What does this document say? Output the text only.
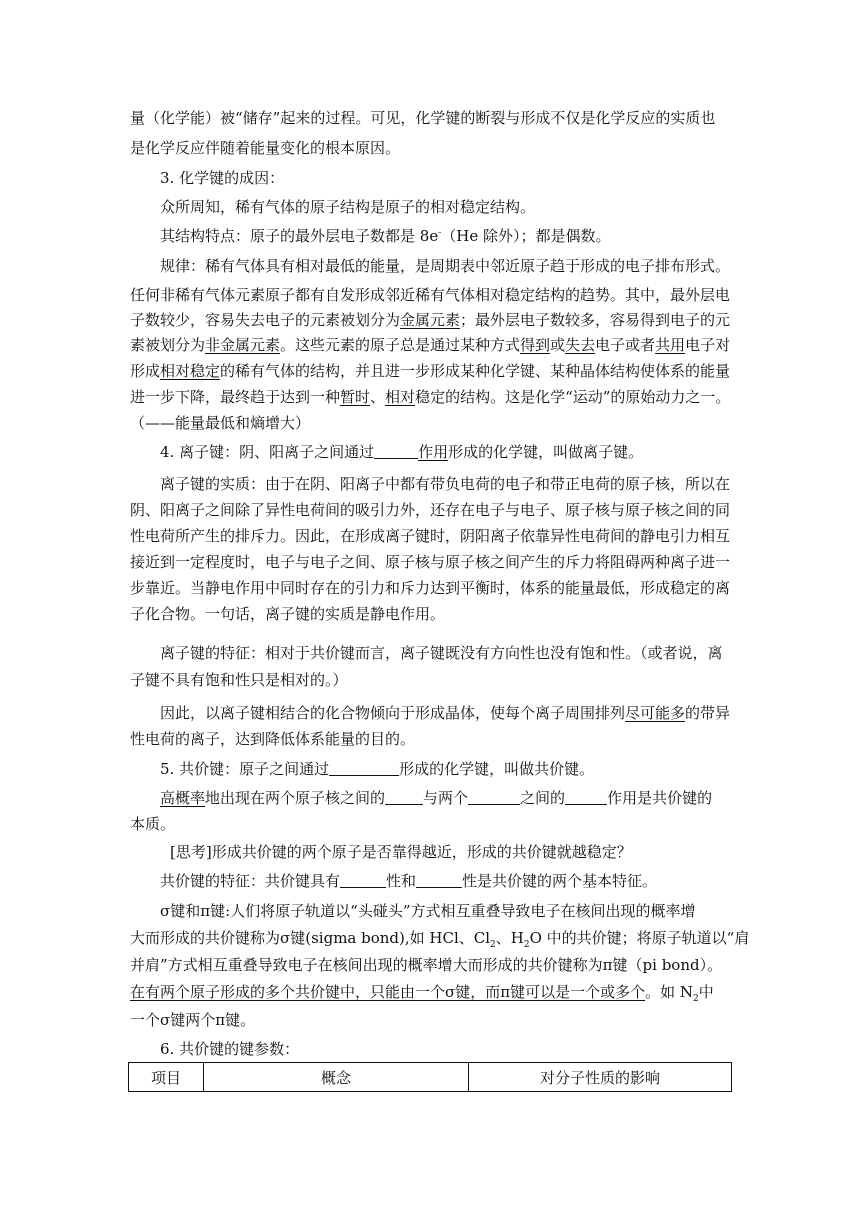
量（化学能）被“储存”起来的过程。可见，化学键的断裂与形成不仅是化学反应的实质也
是化学反应伴随着能量变化的根本原因。
3. 化学键的成因：
众所周知，稀有气体的原子结构是原子的相对稳定结构。
其结构特点：原子的最外层电子数都是 8e-（He 除外）；都是偶数。
规律：稀有气体具有相对最低的能量，是周期表中邻近原子趋于形成的电子排布形式。
任何非稀有气体元素原子都有自发形成邻近稀有气体相对稳定结构的趋势。其中，最外层电
子数较少，容易失去电子的元素被划分为金属元素；最外层电子数较多，容易得到电子的元
素被划分为非金属元素。这些元素的原子总是通过某种方式得到或失去电子或者共用电子对
形成相对稳定的稀有气体的结构，并且进一步形成某种化学键、某种晶体结构使体系的能量
进一步下降，最终趋于达到一种暂时、相对稳定的结构。这是化学“运动”的原始动力之一。
（——能量最低和熵增大）
4. 离子键：阴、阳离子之间通过	作用形成的化学键，叫做离子键。
离子键的实质：由于在阴、阳离子中都有带负电荷的电子和带正电荷的原子核，所以在
阴、阳离子之间除了异性电荷间的吸引力外，还存在电子与电子、原子核与原子核之间的同
性电荷所产生的排斥力。因此，在形成离子键时，阴阳离子依靠异性电荷间的静电引力相互
接近到一定程度时，电子与电子之间、原子核与原子核之间产生的斥力将阻碍两种离子进一
步靠近。当静电作用中同时存在的引力和斥力达到平衡时，体系的能量最低，形成稳定的离
子化合物。一句话，离子键的实质是静电作用。
离子键的特征：相对于共价键而言，离子键既没有方向性也没有饱和性。（或者说，离
子键不具有饱和性只是相对的。）
因此，以离子键相结合的化合物倾向于形成晶体，使每个离子周围排列尽可能多的带异
性电荷的离子，达到降低体系能量的目的。
5. 共价键：原子之间通过	形成的化学键，叫做共价键。
高概率地出现在两个原子核之间的	与两个	之间的	作用是共价键的
本质。
[思考]形成共价键的两个原子是否靠得越近，形成的共价键就越稳定？
共价键的特征：共价键具有	性和	性是共价键的两个基本特征。
σ键和π键:人们将原子轨道以“头碰头”方式相互重叠导致电子在核间出现的概率增
大而形成的共价键称为σ键(sigma bond),如 HCl、$Cl_2$、$H_2O$ 中的共价键；将原子轨道以“肩
并肩”方式相互重叠导致电子在核间出现的概率增大而形成的共价键称为π键（pi bond）。
在有两个原子形成的多个共价键中，只能由一个σ键，而π键可以是一个或多个。如 $N_2$中
一个σ键两个π键。
6. 共价键的键参数：
项目	概念	对分子性质的影响
